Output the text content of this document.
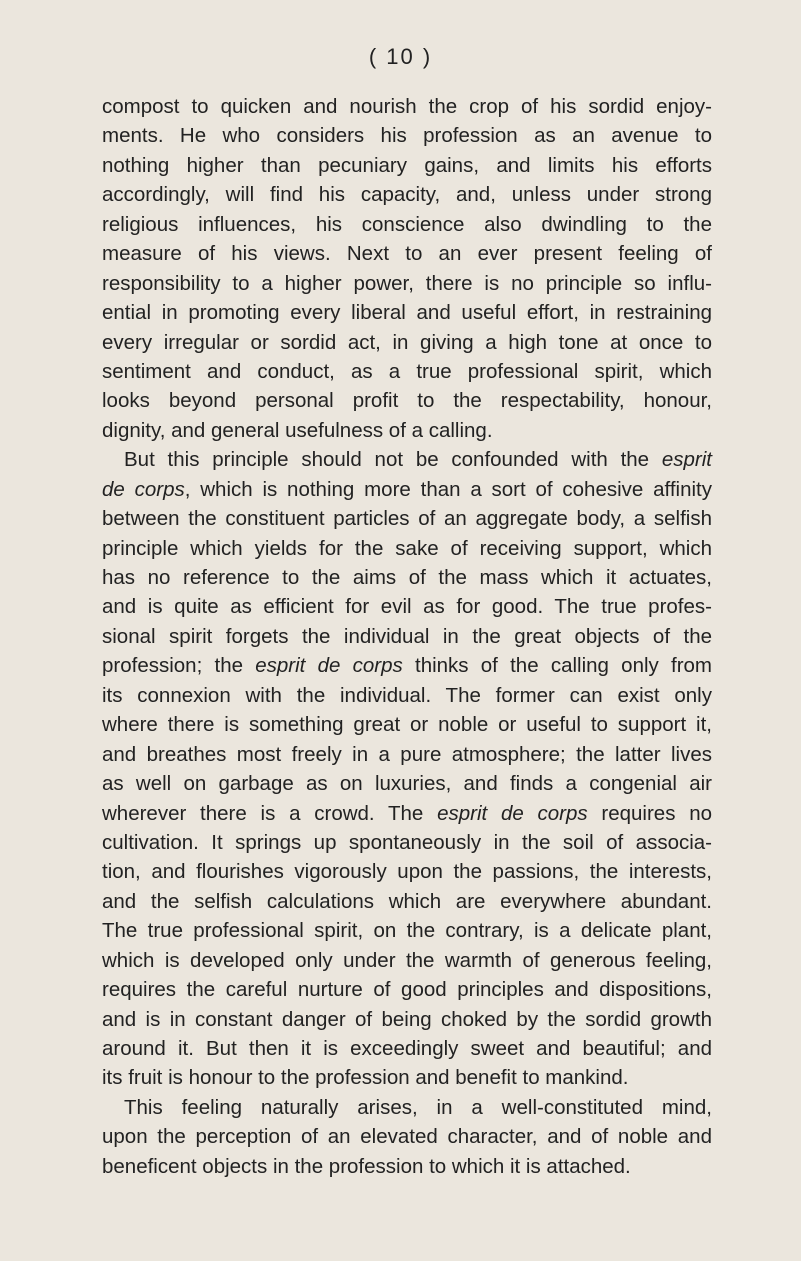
( 10 )
compost to quicken and nourish the crop of his sordid enjoy-
ments. He who considers his profession as an avenue to
nothing higher than pecuniary gains, and limits his efforts
accordingly, will find his capacity, and, unless under strong
religious influences, his conscience also dwindling to the
measure of his views. Next to an ever present feeling of
responsibility to a higher power, there is no principle so influ-
ential in promoting every liberal and useful effort, in restraining
every irregular or sordid act, in giving a high tone at once to
sentiment and conduct, as a true professional spirit, which
looks beyond personal profit to the respectability, honour,
dignity, and general usefulness of a calling.
But this principle should not be confounded with the esprit
de corps, which is nothing more than a sort of cohesive affinity
between the constituent particles of an aggregate body, a selfish
principle which yields for the sake of receiving support, which
has no reference to the aims of the mass which it actuates,
and is quite as efficient for evil as for good. The true profes-
sional spirit forgets the individual in the great objects of the
profession; the esprit de corps thinks of the calling only from
its connexion with the individual. The former can exist only
where there is something great or noble or useful to support it,
and breathes most freely in a pure atmosphere; the latter lives
as well on garbage as on luxuries, and finds a congenial air
wherever there is a crowd. The esprit de corps requires no
cultivation. It springs up spontaneously in the soil of associa-
tion, and flourishes vigorously upon the passions, the interests,
and the selfish calculations which are everywhere abundant.
The true professional spirit, on the contrary, is a delicate plant,
which is developed only under the warmth of generous feeling,
requires the careful nurture of good principles and dispositions,
and is in constant danger of being choked by the sordid growth
around it. But then it is exceedingly sweet and beautiful; and
its fruit is honour to the profession and benefit to mankind.
This feeling naturally arises, in a well-constituted mind,
upon the perception of an elevated character, and of noble and
beneficent objects in the profession to which it is attached.
